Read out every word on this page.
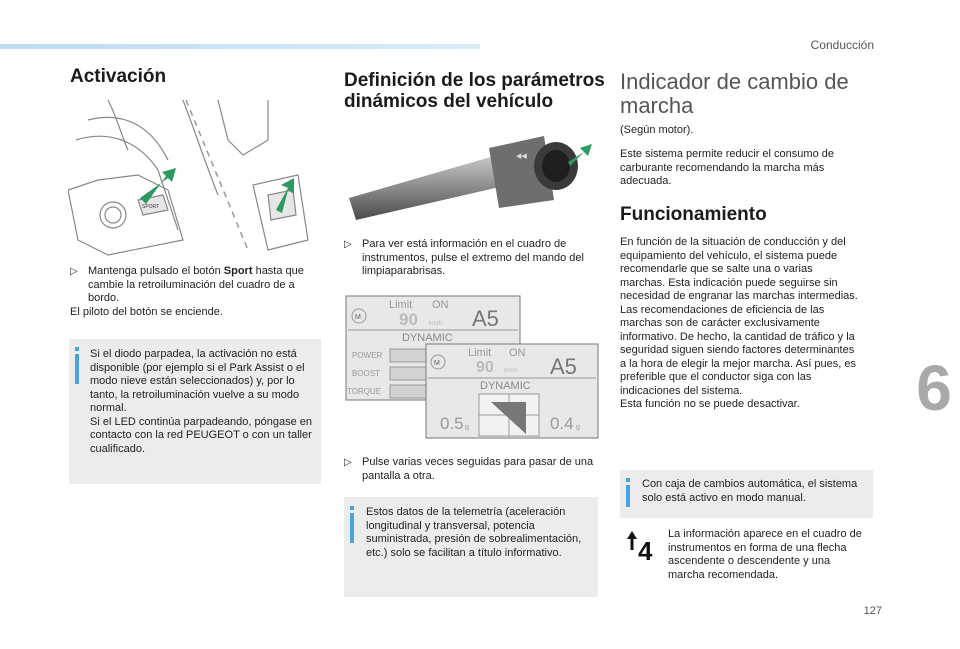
Conducción
6
127
Activación
SPORT

▷ Mantenga pulsado el botón Sport hasta que cambie la retroiluminación del cuadro de a bordo.

El piloto del botón se enciende.

Si el diodo parpadea, la activación no está disponible (por ejemplo si el Park Assist o el modo nieve están seleccionados) y, por lo tanto, la retroiluminación vuelve a su modo normal.
Si el LED continúa parpadeando, póngase en contacto con la red PEUGEOT o con un taller cualificado.

Definición de los parámetros
dinámicos del vehículo
◀◀

▷ Para ver está información en el cuadro de instrumentos, pulse el extremo del mando del limpiaparabrisas.

M
Limit ON
90 km/h A5
DYNAMIC
POWER
BOOST
TORQUE
M
Limit ON
90 km/h A5
DYNAMIC
0.5 g	0.4 g

▷ Pulse varias veces seguidas para pasar de una pantalla a otra.

Estos datos de la telemetría (aceleración longitudinal y transversal, potencia suministrada, presión de sobrealimentación, etc.) solo se facilitan a título informativo.

Indicador de cambio de
marcha

(Según motor).

Este sistema permite reducir el consumo de carburante recomendando la marcha más adecuada.

Funcionamiento

En función de la situación de conducción y del equipamiento del vehículo, el sistema puede recomendarle que se salte una o varias marchas. Esta indicación puede seguirse sin necesidad de engranar las marchas intermedias.
Las recomendaciones de eficiencia de las marchas son de carácter exclusivamente informativo. De hecho, la cantidad de tráfico y la seguridad siguen siendo factores determinantes a la hora de elegir la mejor marcha. Así pues, es preferible que el conductor siga con las indicaciones del sistema.
Esta función no se puede desactivar.

Con caja de cambios automática, el sistema solo está activo en modo manual.

4

La información aparece en el cuadro de instrumentos en forma de una flecha ascendente o descendente y una marcha recomendada.
